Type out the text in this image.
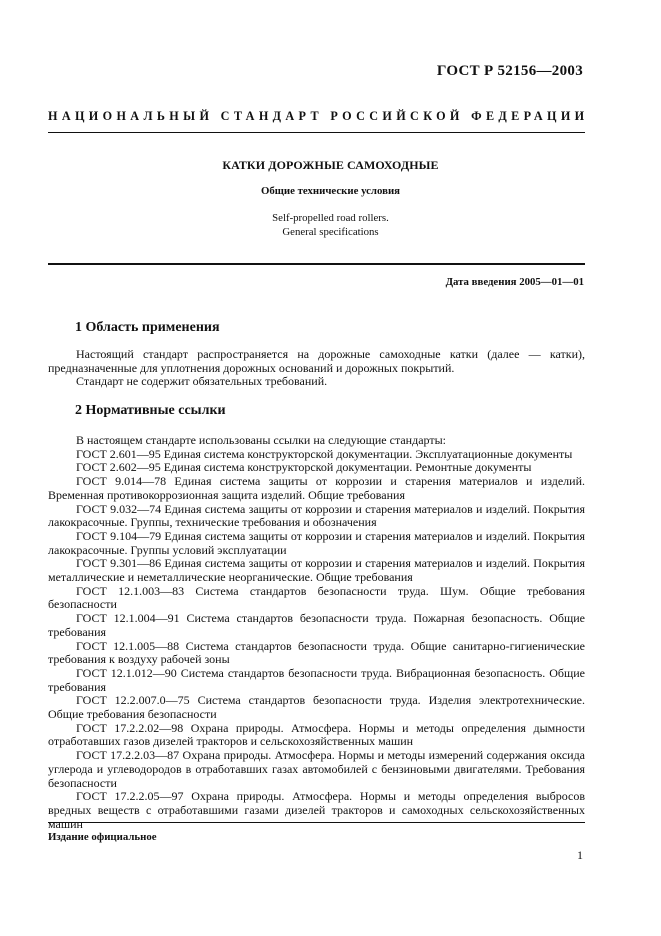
ГОСТ Р 52156—2003
НАЦИОНАЛЬНЫЙ СТАНДАРТ РОССИЙСКОЙ ФЕДЕРАЦИИ
КАТКИ ДОРОЖНЫЕ САМОХОДНЫЕ
Общие технические условия
Self-propelled road rollers.
General specifications
Дата введения 2005—01—01
1 Область применения

Настоящий стандарт распространяется на дорожные самоходные катки (далее — катки), предназначенные для уплотнения дорожных оснований и дорожных покрытий.

Стандарт не содержит обязательных требований.

2 Нормативные ссылки

В настоящем стандарте использованы ссылки на следующие стандарты:

ГОСТ 2.601—95 Единая система конструкторской документации. Эксплуатационные документы

ГОСТ 2.602—95 Единая система конструкторской документации. Ремонтные документы

ГОСТ 9.014—78 Единая система защиты от коррозии и старения материалов и изделий. Временная противокоррозионная защита изделий. Общие требования

ГОСТ 9.032—74 Единая система защиты от коррозии и старения материалов и изделий. Покрытия лакокрасочные. Группы, технические требования и обозначения

ГОСТ 9.104—79 Единая система защиты от коррозии и старения материалов и изделий. Покрытия лакокрасочные. Группы условий эксплуатации

ГОСТ 9.301—86 Единая система защиты от коррозии и старения материалов и изделий. Покрытия металлические и неметаллические неорганические. Общие требования

ГОСТ 12.1.003—83 Система стандартов безопасности труда. Шум. Общие требования безопасности

ГОСТ 12.1.004—91 Система стандартов безопасности труда. Пожарная безопасность. Общие требования

ГОСТ 12.1.005—88 Система стандартов безопасности труда. Общие санитарно-гигиенические требования к воздуху рабочей зоны

ГОСТ 12.1.012—90 Система стандартов безопасности труда. Вибрационная безопасность. Общие требования

ГОСТ 12.2.007.0—75 Система стандартов безопасности труда. Изделия электротехнические. Общие требования безопасности

ГОСТ 17.2.2.02—98 Охрана природы. Атмосфера. Нормы и методы определения дымности отработавших газов дизелей тракторов и сельскохозяйственных машин

ГОСТ 17.2.2.03—87 Охрана природы. Атмосфера. Нормы и методы измерений содержания оксида углерода и углеводородов в отработавших газах автомобилей с бензиновыми двигателями. Требования безопасности

ГОСТ 17.2.2.05—97 Охрана природы. Атмосфера. Нормы и методы определения выбросов вредных веществ с отработавшими газами дизелей тракторов и самоходных сельскохозяйственных машин

Издание официальное
1
